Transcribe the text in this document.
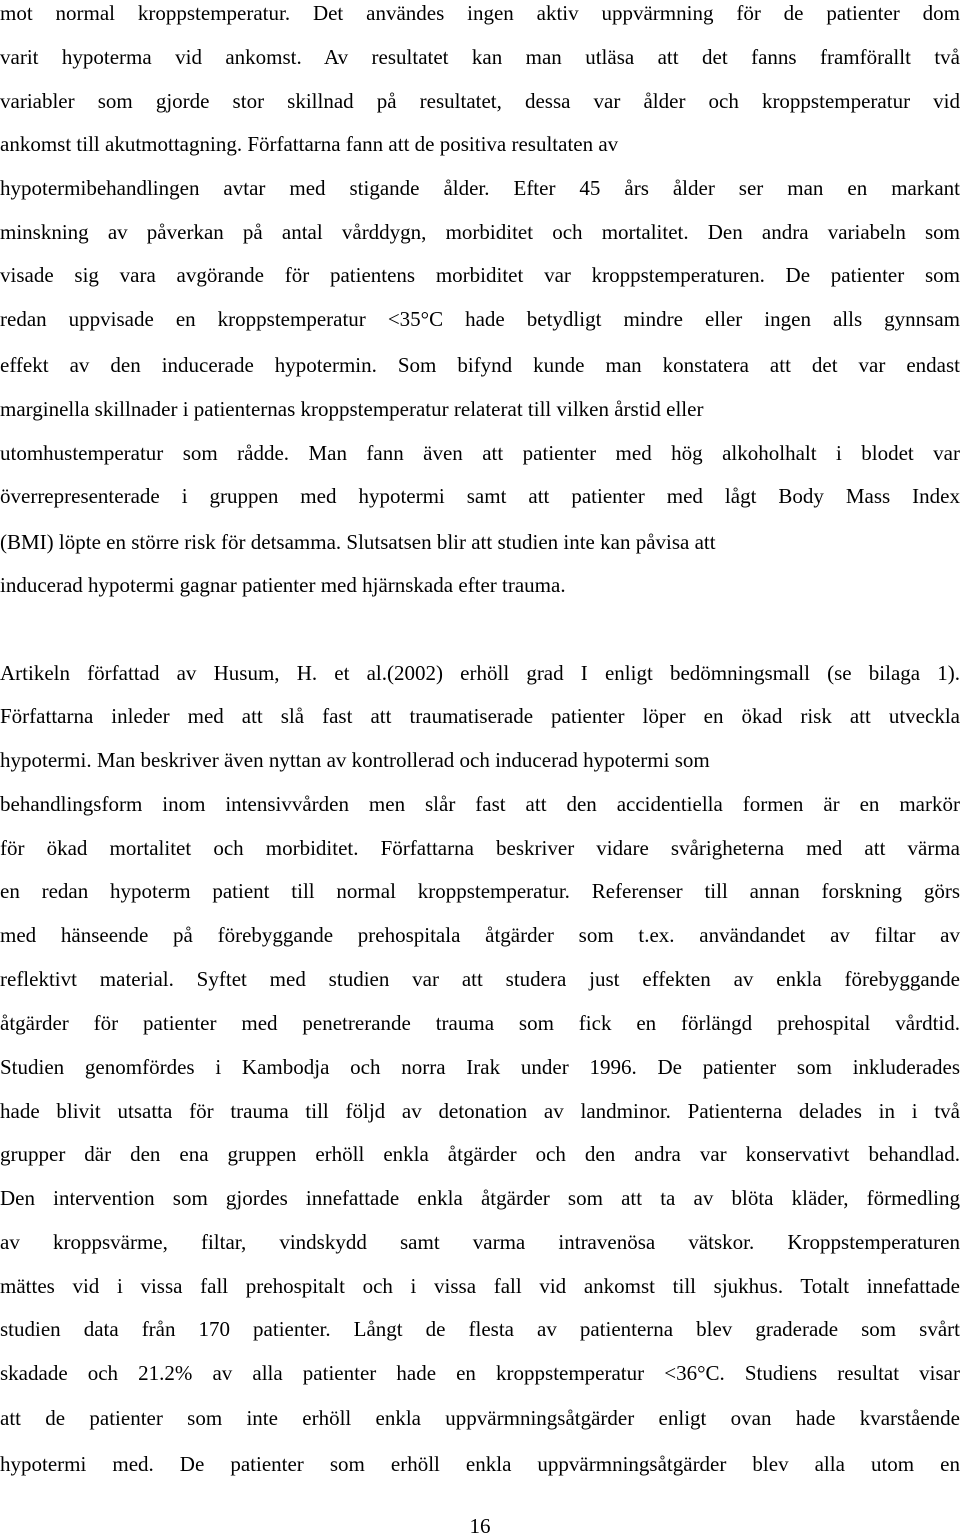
mot normal kroppstemperatur. Det användes ingen aktiv uppvärmning för de patienter dom

varit hypoterma vid ankomst. Av resultatet kan man utläsa att det fanns framförallt två

variabler som gjorde stor skillnad på resultatet, dessa var ålder och kroppstemperatur vid

ankomst till akutmottagning. Författarna fann att de positiva resultaten av

hypotermibehandlingen avtar med stigande ålder. Efter 45 års ålder ser man en markant

minskning av påverkan på antal vårddygn, morbiditet och mortalitet. Den andra variabeln som

visade sig vara avgörande för patientens morbiditet var kroppstemperaturen. De patienter som

redan uppvisade en kroppstemperatur <35°C hade betydligt mindre eller ingen alls gynnsam

effekt av den inducerade hypotermin. Som bifynd kunde man konstatera att det var endast

marginella skillnader i patienternas kroppstemperatur relaterat till vilken årstid eller

utomhustemperatur som rådde. Man fann även att patienter med hög alkoholhalt i blodet var

överrepresenterade i gruppen med hypotermi samt att patienter med lågt Body Mass Index

(BMI) löpte en större risk för detsamma. Slutsatsen blir att studien inte kan påvisa att

inducerad hypotermi gagnar patienter med hjärnskada efter trauma.

Artikeln författad av Husum, H. et al.(2002) erhöll grad I enligt bedömningsmall (se bilaga 1).

Författarna inleder med att slå fast att traumatiserade patienter löper en ökad risk att utveckla

hypotermi. Man beskriver även nyttan av kontrollerad och inducerad hypotermi som

behandlingsform inom intensivvården men slår fast att den accidentiella formen är en markör

för ökad mortalitet och morbiditet. Författarna beskriver vidare svårigheterna med att värma

en redan hypoterm patient till normal kroppstemperatur. Referenser till annan forskning görs

med hänseende på förebyggande prehospitala åtgärder som t.ex. användandet av filtar av

reflektivt material. Syftet med studien var att studera just effekten av enkla förebyggande

åtgärder för patienter med penetrerande trauma som fick en förlängd prehospital vårdtid.

Studien genomfördes i Kambodja och norra Irak under 1996. De patienter som inkluderades

hade blivit utsatta för trauma till följd av detonation av landminor. Patienterna delades in i två

grupper där den ena gruppen erhöll enkla åtgärder och den andra var konservativt behandlad.

Den intervention som gjordes innefattade enkla åtgärder som att ta av blöta kläder, förmedling

av kroppsvärme, filtar, vindskydd samt varma intravenösa vätskor. Kroppstemperaturen

mättes vid i vissa fall prehospitalt och i vissa fall vid ankomst till sjukhus. Totalt innefattade

studien data från 170 patienter. Långt de flesta av patienterna blev graderade som svårt

skadade och 21.2% av alla patienter hade en kroppstemperatur <36°C. Studiens resultat visar

att de patienter som inte erhöll enkla uppvärmningsåtgärder enligt ovan hade kvarstående

hypotermi med. De patienter som erhöll enkla uppvärmningsåtgärder blev alla utom en

16
